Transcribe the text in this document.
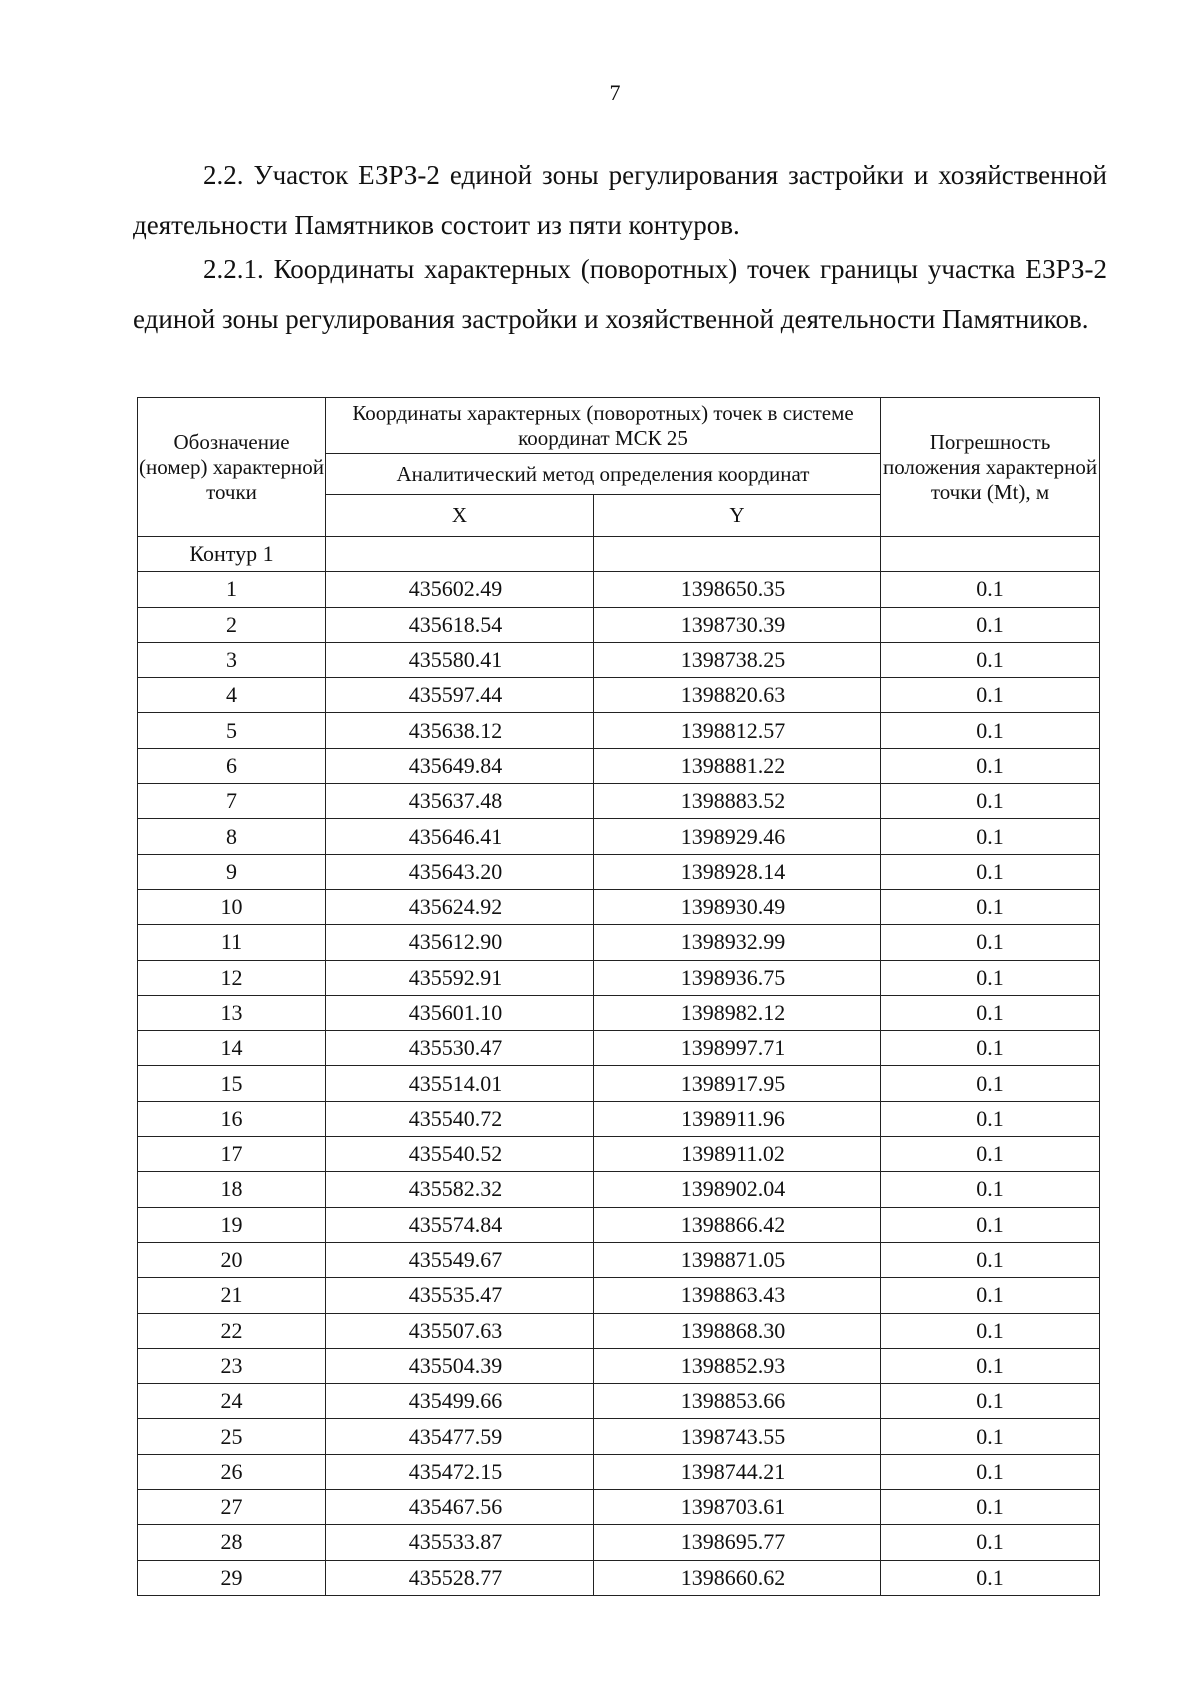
7

2.2. Участок ЕЗРЗ-2 единой зоны регулирования застройки и хозяйственной деятельности Памятников состоит из пяти контуров.

2.2.1. Координаты характерных (поворотных) точек границы участка ЕЗРЗ-2 единой зоны регулирования застройки и хозяйственной деятельности Памятников.

Обозначение (номер) характерной точки	Координаты характерных (поворотных) точек в системе координат МСК 25		Погрешность положения характерной точки (Mt), м
	Аналитический метод определения координат		
	X	Y	
Контур 1			
1	435602.49	1398650.35	0.1
2	435618.54	1398730.39	0.1
3	435580.41	1398738.25	0.1
4	435597.44	1398820.63	0.1
5	435638.12	1398812.57	0.1
6	435649.84	1398881.22	0.1
7	435637.48	1398883.52	0.1
8	435646.41	1398929.46	0.1
9	435643.20	1398928.14	0.1
10	435624.92	1398930.49	0.1
11	435612.90	1398932.99	0.1
12	435592.91	1398936.75	0.1
13	435601.10	1398982.12	0.1
14	435530.47	1398997.71	0.1
15	435514.01	1398917.95	0.1
16	435540.72	1398911.96	0.1
17	435540.52	1398911.02	0.1
18	435582.32	1398902.04	0.1
19	435574.84	1398866.42	0.1
20	435549.67	1398871.05	0.1
21	435535.47	1398863.43	0.1
22	435507.63	1398868.30	0.1
23	435504.39	1398852.93	0.1
24	435499.66	1398853.66	0.1
25	435477.59	1398743.55	0.1
26	435472.15	1398744.21	0.1
27	435467.56	1398703.61	0.1
28	435533.87	1398695.77	0.1
29	435528.77	1398660.62	0.1
